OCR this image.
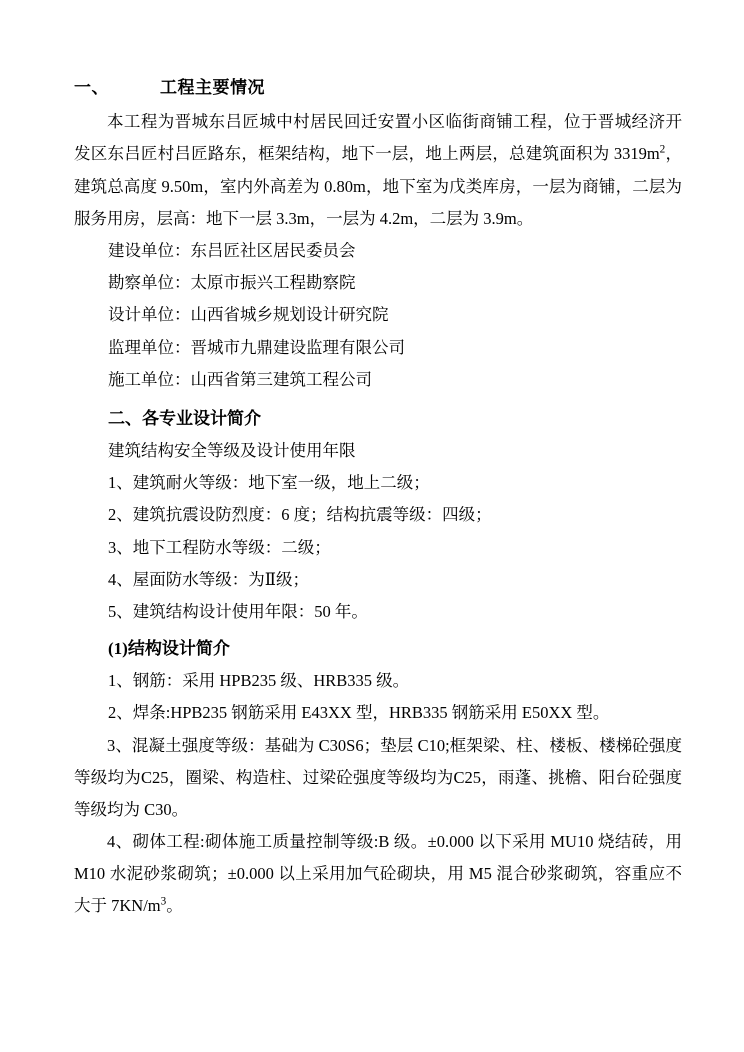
一、	工程主要情况

本工程为晋城东吕匠城中村居民回迁安置小区临街商铺工程，位于晋城经济开发区东吕匠村吕匠路东，框架结构，地下一层，地上两层，总建筑面积为 $3319m^2$，建筑总高度 9.50m，室内外高差为 0.80m，地下室为戊类库房，一层为商铺，二层为服务用房，层高：地下一层 3.3m，一层为 4.2m，二层为 3.9m。

建设单位：东吕匠社区居民委员会

勘察单位：太原市振兴工程勘察院

设计单位：山西省城乡规划设计研究院

监理单位：晋城市九鼎建设监理有限公司

施工单位：山西省第三建筑工程公司

二、各专业设计简介

建筑结构安全等级及设计使用年限

1、建筑耐火等级：地下室一级，地上二级；

2、建筑抗震设防烈度：6 度；结构抗震等级：四级；

3、地下工程防水等级：二级；

4、屋面防水等级：为Ⅱ级；

5、建筑结构设计使用年限：50 年。

(1)结构设计简介

1、钢筋：采用 HPB235 级、HRB335 级。

2、焊条:HPB235 钢筋采用 E43XX 型，HRB335 钢筋采用 E50XX 型。

3、混凝土强度等级：基础为 C30S6；垫层 C10;框架梁、柱、楼板、楼梯砼强度等级均为C25，圈梁、构造柱、过梁砼强度等级均为C25，雨蓬、挑檐、阳台砼强度等级均为 C30。

4、砌体工程:砌体施工质量控制等级:B 级。±0.000 以下采用 MU10 烧结砖，用 M10 水泥砂浆砌筑；±0.000 以上采用加气砼砌块，用 M5 混合砂浆砌筑，容重应不大于 $7KN/m^3$。
